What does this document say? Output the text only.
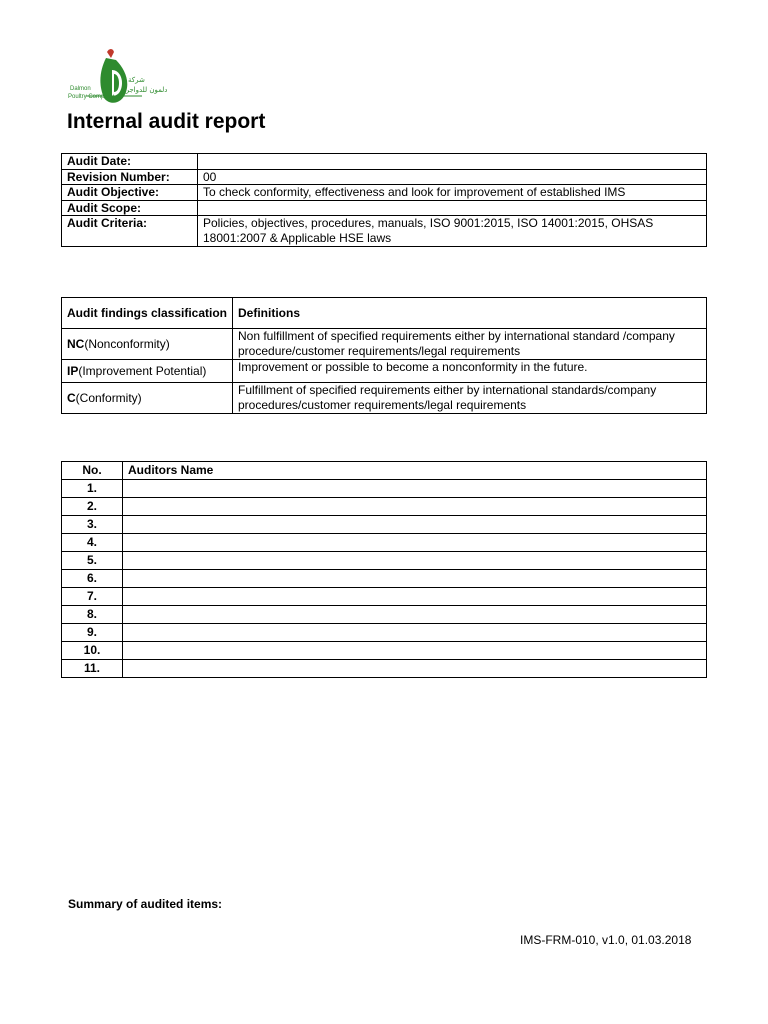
Dalmon
Poultry Company
شركة
دلمون للدواجن
Internal audit report
Audit Date:	
Revision Number:	00
Audit Objective:	To check conformity, effectiveness and look for improvement of established IMS
Audit Scope:	
Audit Criteria:	Policies, objectives, procedures, manuals, ISO 9001:2015, ISO 14001:2015, OHSAS 18001:2007 & Applicable HSE laws
Audit findings classification	Definitions
NC(Nonconformity)	Non fulfillment of specified requirements either by international standard /company procedure/customer requirements/legal requirements
IP(Improvement Potential)	Improvement or possible to become a nonconformity in the future.
C(Conformity)	Fulfillment of specified requirements either by international standards/company procedures/customer requirements/legal requirements
No.	Auditors Name
1.	
2.	
3.	
4.	
5.	
6.	
7.	
8.	
9.	
10.	
11.	
Summary of audited items:
IMS-FRM-010, v1.0, 01.03.2018
